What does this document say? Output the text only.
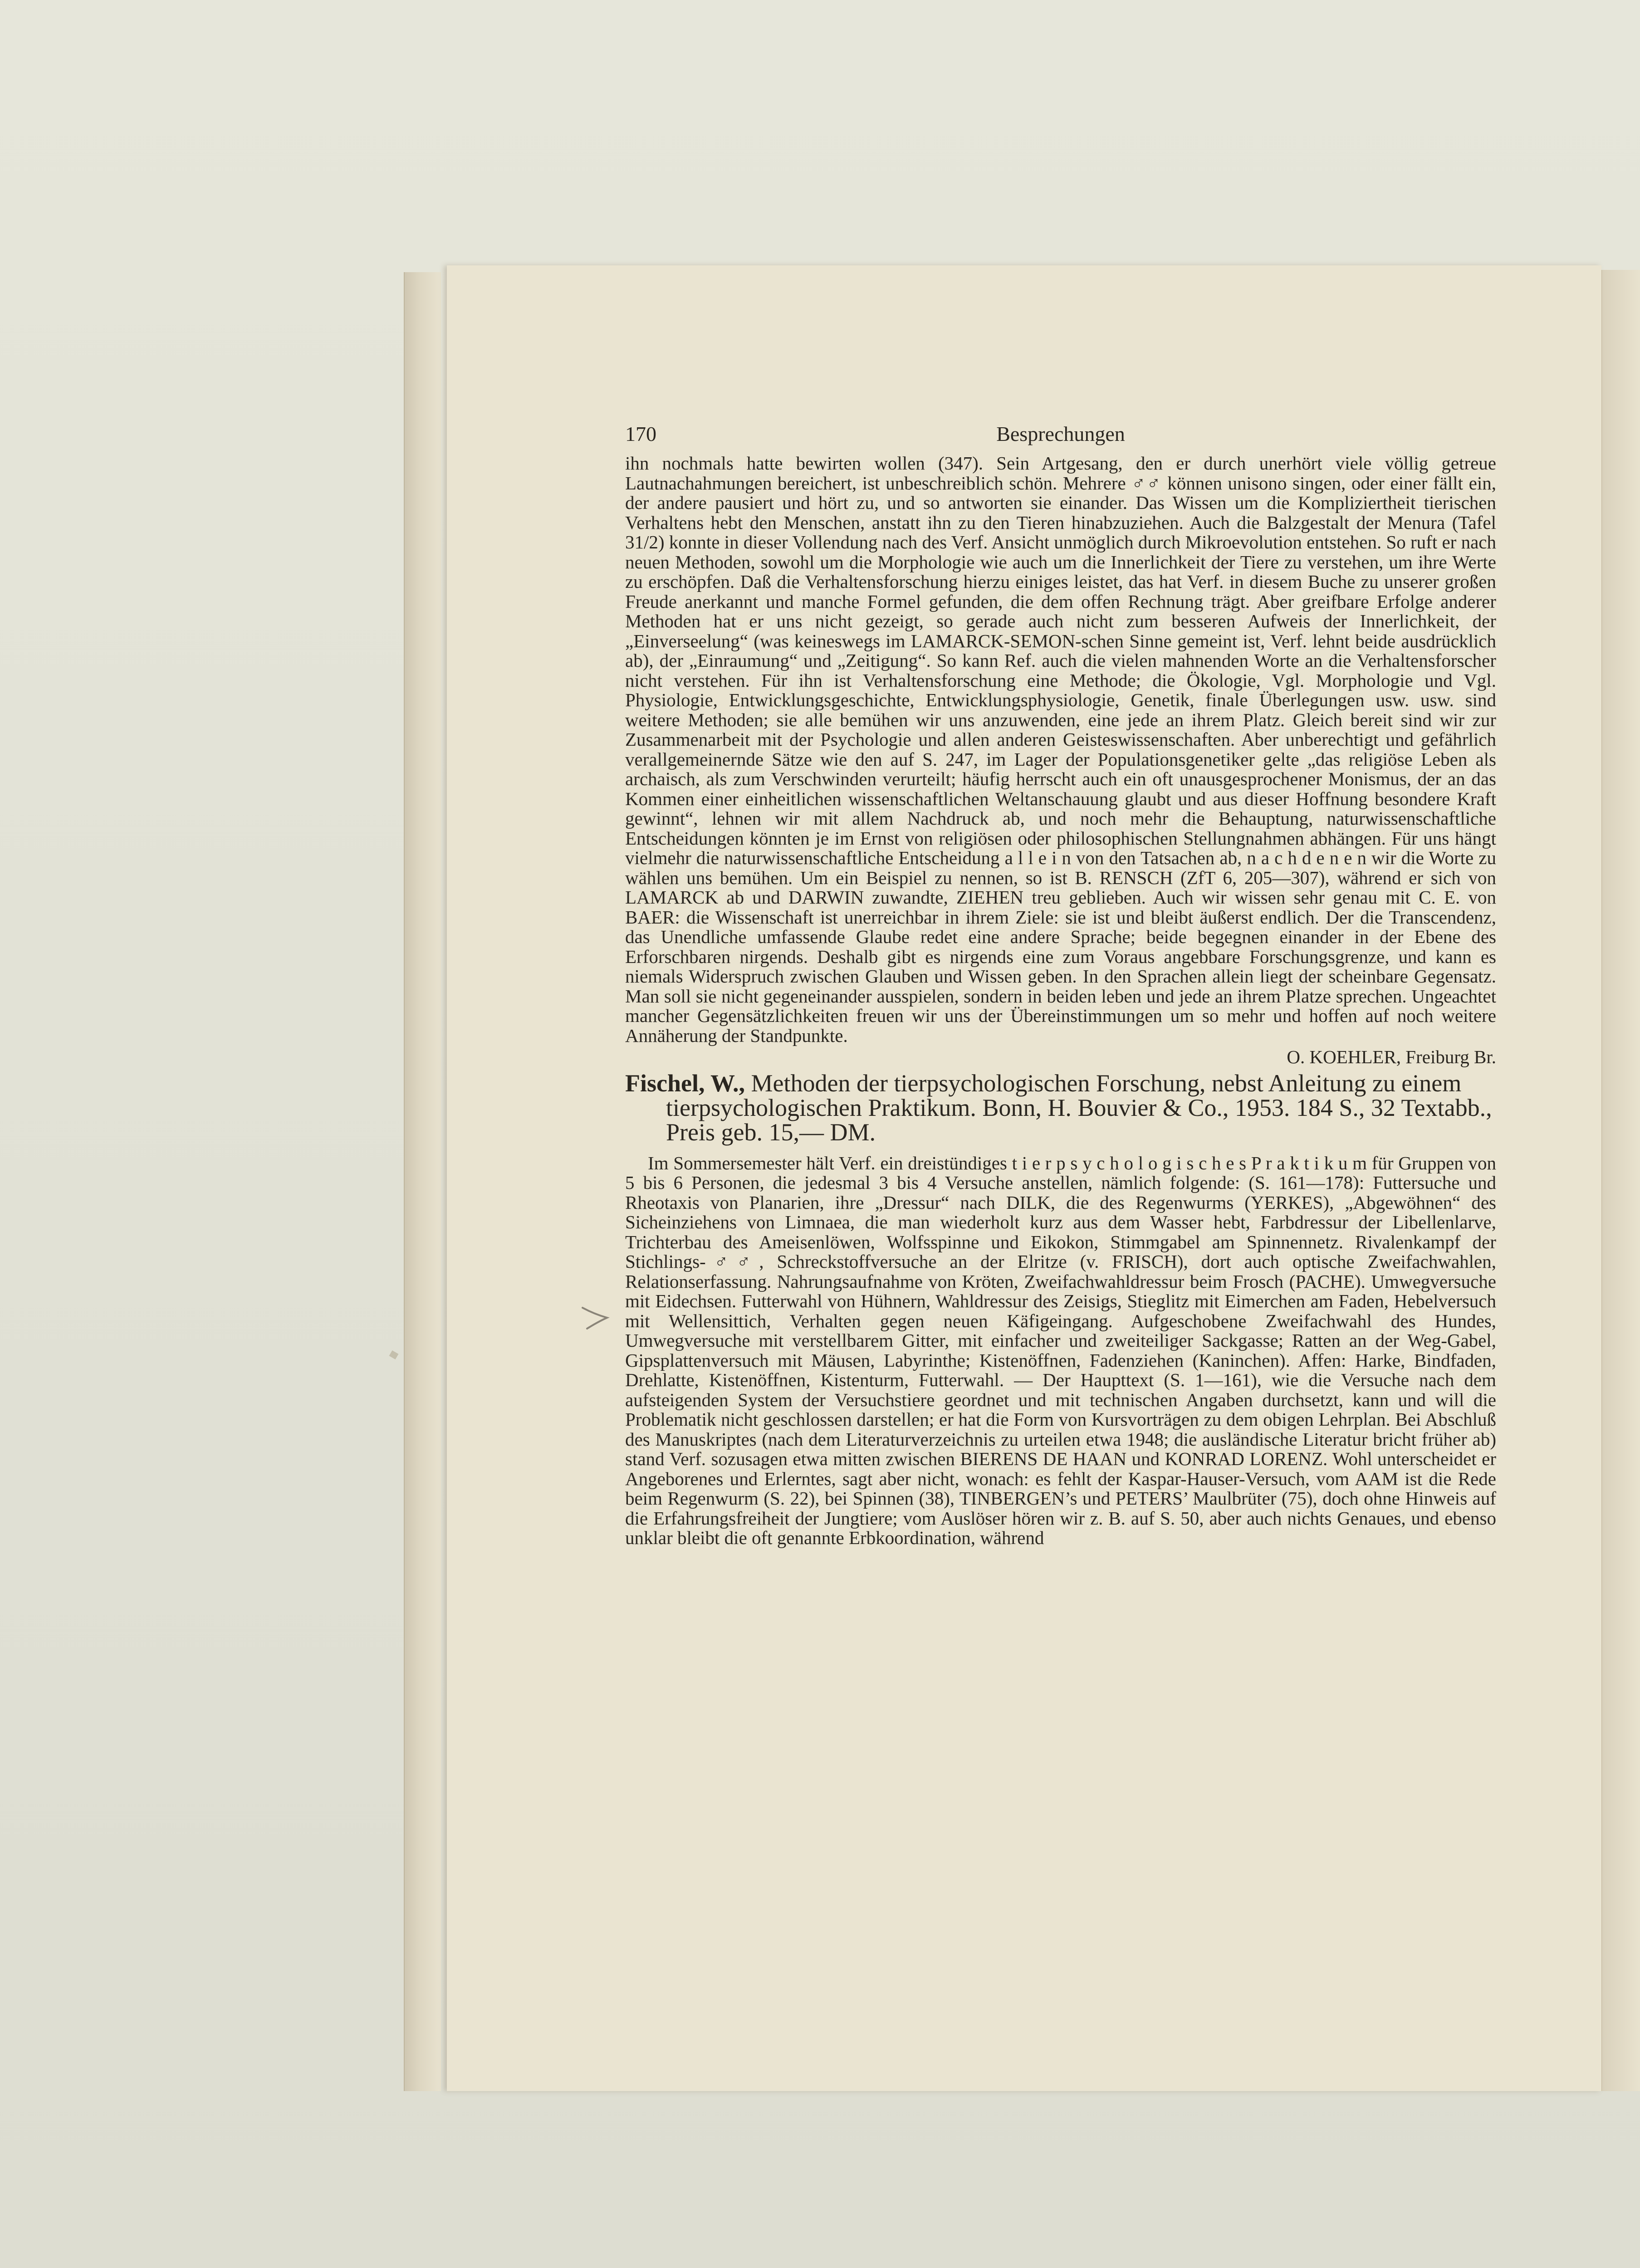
170	Besprechungen

ihn nochmals hatte bewirten wollen (347). Sein Artgesang, den er durch unerhört viele völlig getreue Lautnachahmungen bereichert, ist unbeschreiblich schön. Mehrere ♂♂ können unisono singen, oder einer fällt ein, der andere pausiert und hört zu, und so antworten sie einander. Das Wissen um die Kompliziertheit tierischen Verhaltens hebt den Menschen, anstatt ihn zu den Tieren hinabzuziehen. Auch die Balzgestalt der Menura (Tafel 31/2) konnte in dieser Vollendung nach des Verf. Ansicht unmöglich durch Mikroevolution entstehen. So ruft er nach neuen Methoden, sowohl um die Morphologie wie auch um die Innerlichkeit der Tiere zu verstehen, um ihre Werte zu erschöpfen. Daß die Verhaltensforschung hierzu einiges leistet, das hat Verf. in diesem Buche zu unserer großen Freude anerkannt und manche Formel gefunden, die dem offen Rechnung trägt. Aber greifbare Erfolge anderer Methoden hat er uns nicht gezeigt, so gerade auch nicht zum besseren Aufweis der Innerlichkeit, der „Einverseelung“ (was keineswegs im LAMARCK-SEMON-schen Sinne gemeint ist, Verf. lehnt beide ausdrücklich ab), der „Einraumung“ und „Zeitigung“. So kann Ref. auch die vielen mahnenden Worte an die Verhaltensforscher nicht verstehen. Für ihn ist Verhaltensforschung eine Methode; die Ökologie, Vgl. Morphologie und Vgl. Physiologie, Entwicklungsgeschichte, Entwicklungsphysiologie, Genetik, finale Überlegungen usw. usw. sind weitere Methoden; sie alle bemühen wir uns anzuwenden, eine jede an ihrem Platz. Gleich bereit sind wir zur Zusammenarbeit mit der Psychologie und allen anderen Geisteswissenschaften. Aber unberechtigt und gefährlich verallgemeinernde Sätze wie den auf S. 247, im Lager der Populationsgenetiker gelte „das religiöse Leben als archaisch, als zum Verschwinden verurteilt; häufig herrscht auch ein oft unausgesprochener Monismus, der an das Kommen einer einheitlichen wissenschaftlichen Weltanschauung glaubt und aus dieser Hoffnung besondere Kraft gewinnt“, lehnen wir mit allem Nachdruck ab, und noch mehr die Behauptung, naturwissenschaftliche Entscheidungen könnten je im Ernst von religiösen oder philosophischen Stellungnahmen abhängen. Für uns hängt vielmehr die naturwissenschaftliche Entscheidung a l l e i n von den Tatsachen ab, n a c h d e n e n wir die Worte zu wählen uns bemühen. Um ein Beispiel zu nennen, so ist B. RENSCH (ZfT 6, 205—307), während er sich von LAMARCK ab und DARWIN zuwandte, ZIEHEN treu geblieben. Auch wir wissen sehr genau mit C. E. von BAER: die Wissenschaft ist unerreichbar in ihrem Ziele: sie ist und bleibt äußerst endlich. Der die Transcendenz, das Unendliche umfassende Glaube redet eine andere Sprache; beide begegnen einander in der Ebene des Erforschbaren nirgends. Deshalb gibt es nirgends eine zum Voraus angebbare Forschungsgrenze, und kann es niemals Widerspruch zwischen Glauben und Wissen geben. In den Sprachen allein liegt der scheinbare Gegensatz. Man soll sie nicht gegeneinander ausspielen, sondern in beiden leben und jede an ihrem Platze sprechen. Ungeachtet mancher Gegensätzlichkeiten freuen wir uns der Übereinstimmungen um so mehr und hoffen auf noch weitere Annäherung der Standpunkte.

O. KOEHLER, Freiburg Br.

Fischel, W., Methoden der tierpsychologischen Forschung, nebst Anleitung zu einem tierpsychologischen Praktikum. Bonn, H. Bouvier & Co., 1953. 184 S., 32 Textabb., Preis geb. 15,— DM.

Im Sommersemester hält Verf. ein dreistündiges t i e r p s y c h o l o g i s c h e s P r a k t i k u m für Gruppen von 5 bis 6 Personen, die jedesmal 3 bis 4 Versuche anstellen, nämlich folgende: (S. 161—178): Futtersuche und Rheotaxis von Planarien, ihre „Dressur“ nach DILK, die des Regenwurms (YERKES), „Abgewöhnen“ des Sicheinziehens von Limnaea, die man wiederholt kurz aus dem Wasser hebt, Farbdressur der Libellenlarve, Trichterbau des Ameisenlöwen, Wolfsspinne und Eikokon, Stimmgabel am Spinnennetz. Rivalenkampf der Stichlings-♂♂, Schreckstoffversuche an der Elritze (v. FRISCH), dort auch optische Zweifachwahlen, Relationserfassung. Nahrungsaufnahme von Kröten, Zweifachwahldressur beim Frosch (PACHE). Umwegversuche mit Eidechsen. Futterwahl von Hühnern, Wahldressur des Zeisigs, Stieglitz mit Eimerchen am Faden, Hebelversuch mit Wellensittich, Verhalten gegen neuen Käfigeingang. Aufgeschobene Zweifachwahl des Hundes, Umwegversuche mit verstellbarem Gitter, mit einfacher und zweiteiliger Sackgasse; Ratten an der Weg-Gabel, Gipsplattenversuch mit Mäusen, Labyrinthe; Kistenöffnen, Fadenziehen (Kaninchen). Affen: Harke, Bindfaden, Drehlatte, Kistenöffnen, Kistenturm, Futterwahl. — Der Haupttext (S. 1—161), wie die Versuche nach dem aufsteigenden System der Versuchstiere geordnet und mit technischen Angaben durchsetzt, kann und will die Problematik nicht geschlossen darstellen; er hat die Form von Kursvorträgen zu dem obigen Lehrplan. Bei Abschluß des Manuskriptes (nach dem Literaturverzeichnis zu urteilen etwa 1948; die ausländische Literatur bricht früher ab) stand Verf. sozusagen etwa mitten zwischen BIERENS DE HAAN und KONRAD LORENZ. Wohl unterscheidet er Angeborenes und Erlerntes, sagt aber nicht, wonach: es fehlt der Kaspar-Hauser-Versuch, vom AAM ist die Rede beim Regenwurm (S. 22), bei Spinnen (38), TINBERGEN’s und PETERS’ Maulbrüter (75), doch ohne Hinweis auf die Erfahrungsfreiheit der Jungtiere; vom Auslöser hören wir z. B. auf S. 50, aber auch nichts Genaues, und ebenso unklar bleibt die oft genannte Erbkoordination, während
